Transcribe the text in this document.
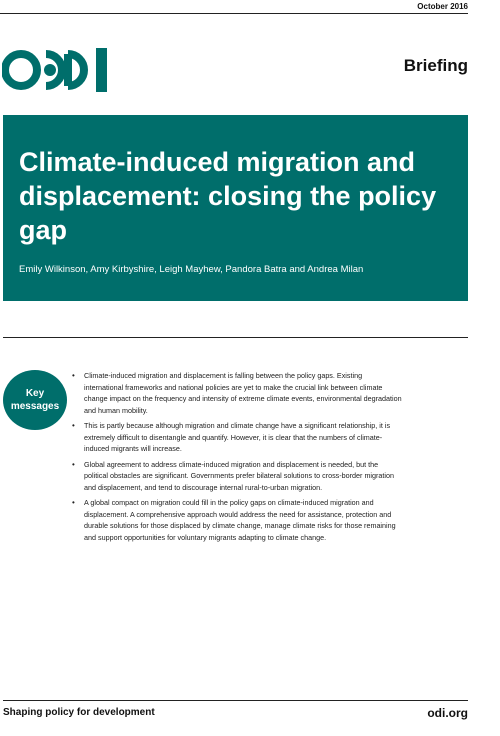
October 2016
Briefing
Climate-induced migration and displacement: closing the policy gap
Emily Wilkinson, Amy Kirbyshire, Leigh Mayhew, Pandora Batra and Andrea Milan
Key messages
• Climate-induced migration and displacement is falling between the policy gaps. Existing international frameworks and national policies are yet to make the crucial link between climate change impact on the frequency and intensity of extreme climate events, environmental degradation and human mobility.
• This is partly because although migration and climate change have a significant relationship, it is extremely difficult to disentangle and quantify. However, it is clear that the numbers of climate-induced migrants will increase.
• Global agreement to address climate-induced migration and displacement is needed, but the political obstacles are significant. Governments prefer bilateral solutions to cross-border migration and displacement, and tend to discourage internal rural-to-urban migration.
• A global compact on migration could fill in the policy gaps on climate-induced migration and displacement. A comprehensive approach would address the need for assistance, protection and durable solutions for those displaced by climate change, manage climate risks for those remaining and support opportunities for voluntary migrants adapting to climate change.
Shaping policy for development	odi.org
